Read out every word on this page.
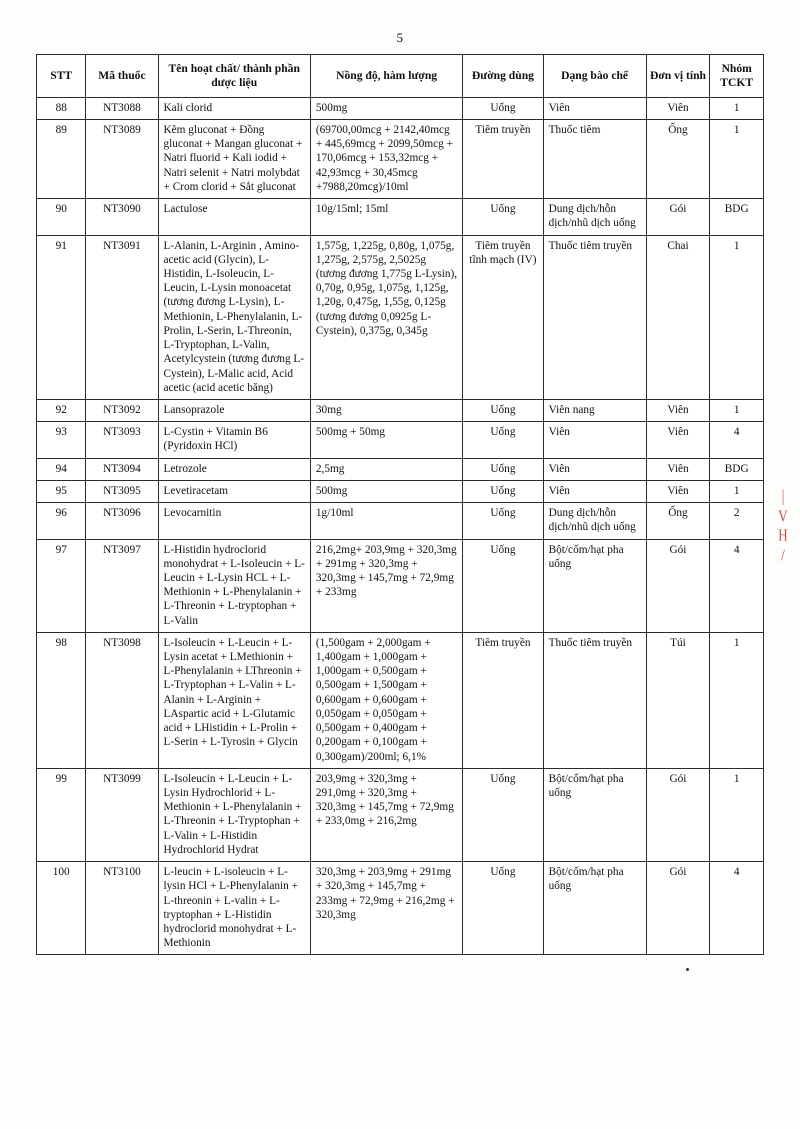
5
STT	Mã thuốc	Tên hoạt chất/ thành phần dược liệu	Nồng độ, hàm lượng	Đường dùng	Dạng bào chế	Đơn vị tính	Nhóm TCKT
88	NT3088	Kali clorid	500mg	Uống	Viên	Viên	1
89	NT3089	Kẽm gluconat + Đồng gluconat + Mangan gluconat + Natri fluorid + Kali iodid + Natri selenit + Natri molybdat + Crom clorid + Sắt gluconat	(69700,00mcg + 2142,40mcg + 445,69mcg + 2099,50mcg + 170,06mcg + 153,32mcg + 42,93mcg + 30,45mcg +7988,20mcg)/10ml	Tiêm truyền	Thuốc tiêm	Ống	1
90	NT3090	Lactulose	10g/15ml; 15ml	Uống	Dung dịch/hỗn dịch/nhũ dịch uống	Gói	BDG
91	NT3091	L-Alanin, L-Arginin , Amino-acetic acid (Glycin), L-Histidin, L-Isoleucin, L-Leucin, L-Lysin monoacetat (tương đương L-Lysin), L-Methionin, L-Phenylalanin, L-Prolin, L-Serin, L-Threonin, L-Tryptophan, L-Valin, Acetylcystein (tương đương L-Cystein), L-Malic acid, Acid acetic (acid acetic băng)	1,575g, 1,225g, 0,80g, 1,075g, 1,275g, 2,575g, 2,5025g (tương đương 1,775g L-Lysin), 0,70g, 0,95g, 1,075g, 1,125g, 1,20g, 0,475g, 1,55g, 0,125g (tương đương 0,0925g L-Cystein), 0,375g, 0,345g	Tiêm truyền tĩnh mạch (IV)	Thuốc tiêm truyền	Chai	1
92	NT3092	Lansoprazole	30mg	Uống	Viên nang	Viên	1
93	NT3093	L-Cystin + Vitamin B6 (Pyridoxin HCl)	500mg + 50mg	Uống	Viên	Viên	4
94	NT3094	Letrozole	2,5mg	Uống	Viên	Viên	BDG
95	NT3095	Levetiracetam	500mg	Uống	Viên	Viên	1
96	NT3096	Levocarnitin	1g/10ml	Uống	Dung dịch/hỗn dịch/nhũ dịch uống	Ống	2
97	NT3097	L-Histidin hydroclorid monohydrat + L-Isoleucin + L-Leucin + L-Lysin HCL + L-Methionin + L-Phenylalanin + L-Threonin + L-tryptophan + L-Valin	216,2mg+ 203,9mg + 320,3mg + 291mg + 320,3mg + 320,3mg + 145,7mg + 72,9mg + 233mg	Uống	Bột/cốm/hạt pha uống	Gói	4
98	NT3098	L-Isoleucin + L-Leucin + L-Lysin acetat + LMethionin + L-Phenylalanin + LThreonin + L-Tryptophan + L-Valin + L-Alanin + L-Arginin + LAspartic acid + L-Glutamic acid + LHistidin + L-Prolin + L-Serin + L-Tyrosin + Glycin	(1,500gam + 2,000gam + 1,400gam + 1,000gam + 1,000gam + 0,500gam + 0,500gam + 1,500gam + 0,600gam + 0,600gam + 0,050gam + 0,050gam + 0,500gam + 0,400gam + 0,200gam + 0,100gam + 0,300gam)/200ml; 6,1%	Tiêm truyền	Thuốc tiêm truyền	Túi	1
99	NT3099	L-Isoleucin + L-Leucin + L-Lysin Hydrochlorid + L-Methionin + L-Phenylalanin + L-Threonin + L-Tryptophan + L-Valin + L-Histidin Hydrochlorid Hydrat	203,9mg + 320,3mg + 291,0mg + 320,3mg + 320,3mg + 145,7mg + 72,9mg + 233,0mg + 216,2mg	Uống	Bột/cốm/hạt pha uống	Gói	1
100	NT3100	L-leucin + L-isoleucin + L-lysin HCl + L-Phenylalanin + L-threonin + L-valin + L-tryptophan + L-Histidin hydroclorid monohydrat + L-Methionin	320,3mg + 203,9mg + 291mg + 320,3mg + 145,7mg + 233mg + 72,9mg + 216,2mg + 320,3mg	Uống	Bột/cốm/hạt pha uống	Gói	4
|
V
H
/
